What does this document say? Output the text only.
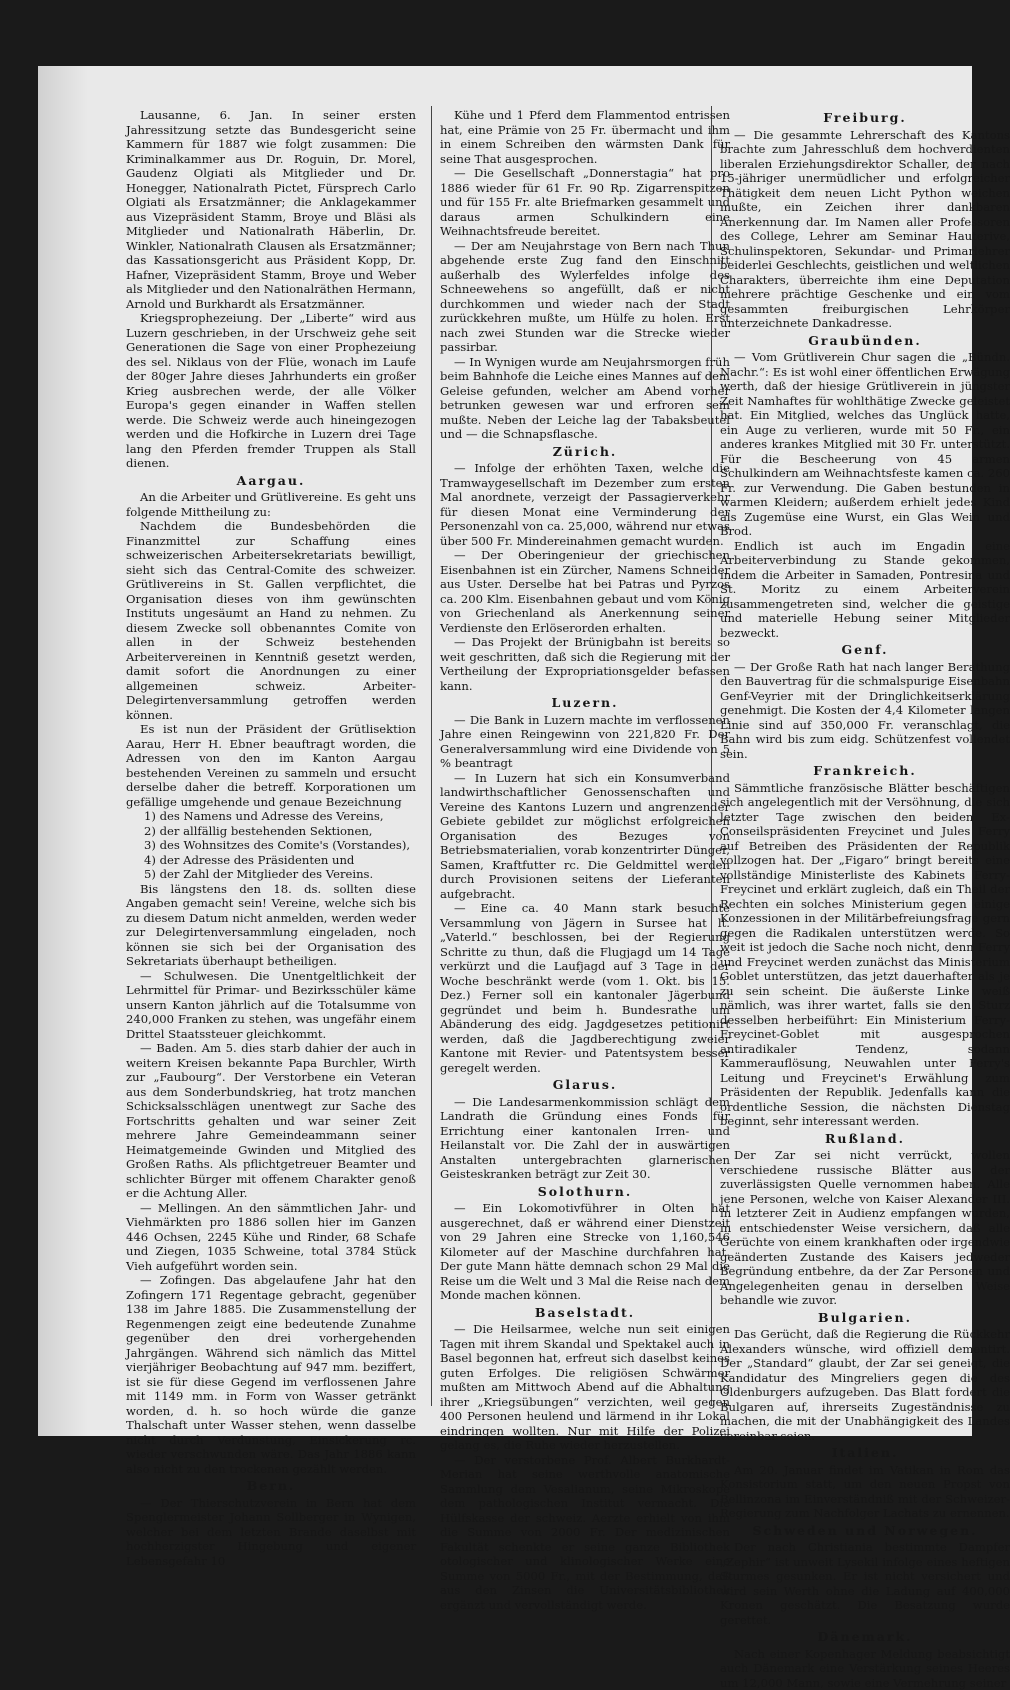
Lausanne, 6. Jan. In seiner ersten Jahressitzung setzte das Bundesgericht seine Kammern für 1887 wie folgt zusammen: Die Kriminalkammer aus Dr. Roguin, Dr. Morel, Gaudenz Olgiati als Mitglieder und Dr. Honegger, Nationalrath Pictet, Fürsprech Carlo Olgiati als Ersatzmänner; die Anklagekammer aus Vizepräsident Stamm, Broye und Bläsi als Mitglieder und Nationalrath Häberlin, Dr. Winkler, Nationalrath Clausen als Ersatzmänner; das Kassationsgericht aus Präsident Kopp, Dr. Hafner, Vizepräsident Stamm, Broye und Weber als Mitglieder und den Nationalräthen Hermann, Arnold und Burkhardt als Ersatzmänner.

Kriegsprophezeiung. Der „Liberte“ wird aus Luzern geschrieben, in der Urschweiz gehe seit Generationen die Sage von einer Prophezeiung des sel. Niklaus von der Flüe, wonach im Laufe der 80ger Jahre dieses Jahrhunderts ein großer Krieg ausbrechen werde, der alle Völker Europa's gegen einander in Waffen stellen werde. Die Schweiz werde auch hineingezogen werden und die Hofkirche in Luzern drei Tage lang den Pferden fremder Truppen als Stall dienen.

Aargau.

An die Arbeiter und Grütlivereine. Es geht uns folgende Mittheilung zu:

Nachdem die Bundesbehörden die Finanzmittel zur Schaffung eines schweizerischen Arbeitersekretariats bewilligt, sieht sich das Central-Comite des schweizer. Grütlivereins in St. Gallen verpflichtet, die Organisation dieses von ihm gewünschten Instituts ungesäumt an Hand zu nehmen. Zu diesem Zwecke soll obbenanntes Comite von allen in der Schweiz bestehenden Arbeitervereinen in Kenntniß gesetzt werden, damit sofort die Anordnungen zu einer allgemeinen schweiz. Arbeiter-Delegirtenversammlung getroffen werden können.

Es ist nun der Präsident der Grütlisektion Aarau, Herr H. Ebner beauftragt worden, die Adressen von den im Kanton Aargau bestehenden Vereinen zu sammeln und ersucht derselbe daher die betreff. Korporationen um gefällige umgehende und genaue Bezeichnung

1) des Namens und Adresse des Vereins,

2) der allfällig bestehenden Sektionen,

3) des Wohnsitzes des Comite's (Vorstandes),

4) der Adresse des Präsidenten und

5) der Zahl der Mitglieder des Vereins.

Bis längstens den 18. ds. sollten diese Angaben gemacht sein! Vereine, welche sich bis zu diesem Datum nicht anmelden, werden weder zur Delegirtenversammlung eingeladen, noch können sie sich bei der Organisation des Sekretariats überhaupt betheiligen.

— Schulwesen. Die Unentgeltlichkeit der Lehrmittel für Primar- und Bezirksschüler käme unsern Kanton jährlich auf die Totalsumme von 240,000 Franken zu stehen, was ungefähr einem Drittel Staatssteuer gleichkommt.

— Baden. Am 5. dies starb dahier der auch in weitern Kreisen bekannte Papa Burchler, Wirth zur „Faubourg“. Der Verstorbene ein Veteran aus dem Sonderbundskrieg, hat trotz manchen Schicksalsschlägen unentwegt zur Sache des Fortschritts gehalten und war seiner Zeit mehrere Jahre Gemeindeammann seiner Heimatgemeinde Gwinden und Mitglied des Großen Raths. Als pflichtgetreuer Beamter und schlichter Bürger mit offenem Charakter genoß er die Achtung Aller.

— Mellingen. An den sämmtlichen Jahr- und Viehmärkten pro 1886 sollen hier im Ganzen 446 Ochsen, 2245 Kühe und Rinder, 68 Schafe und Ziegen, 1035 Schweine, total 3784 Stück Vieh aufgeführt worden sein.

— Zofingen. Das abgelaufene Jahr hat den Zofingern 171 Regentage gebracht, gegenüber 138 im Jahre 1885. Die Zusammenstellung der Regenmengen zeigt eine bedeutende Zunahme gegenüber den drei vorhergehenden Jahrgängen. Während sich nämlich das Mittel vierjähriger Beobachtung auf 947 mm. beziffert, ist sie für diese Gegend im verflossenen Jahre mit 1149 mm. in Form von Wasser getränkt worden, d. h. so hoch würde die ganze Thalschaft unter Wasser stehen, wenn dasselbe nicht durch Verdunstung, Einsickerung rc. wieder verschwunden wäre. Das Jahr 1886 kann also nicht zu den trockenen gezählt werden.

Bern.

— Der Thierschutzverein in Bern hat dem Spenglermeister Johann Sollberger in Wynigen, welcher bei dem letzten Brande daselbst mit hochherzigster Hingebung und eigener Lebensgefahr 10

Kühe und 1 Pferd dem Flammentod entrissen hat, eine Prämie von 25 Fr. übermacht und ihm in einem Schreiben den wärmsten Dank für seine That ausgesprochen.

— Die Gesellschaft „Donnerstagia“ hat pro 1886 wieder für 61 Fr. 90 Rp. Zigarrenspitzen und für 155 Fr. alte Briefmarken gesammelt und daraus armen Schulkindern eine Weihnachtsfreude bereitet.

— Der am Neujahrstage von Bern nach Thun abgehende erste Zug fand den Einschnitt außerhalb des Wylerfeldes infolge des Schneewehens so angefüllt, daß er nicht durchkommen und wieder nach der Stadt zurückkehren mußte, um Hülfe zu holen. Erst nach zwei Stunden war die Strecke wieder passirbar.

— In Wynigen wurde am Neujahrsmorgen früh beim Bahnhofe die Leiche eines Mannes auf dem Geleise gefunden, welcher am Abend vorher betrunken gewesen war und erfroren sein mußte. Neben der Leiche lag der Tabaksbeutel und — die Schnapsflasche.

Zürich.

— Infolge der erhöhten Taxen, welche die Tramwaygesellschaft im Dezember zum ersten Mal anordnete, verzeigt der Passagierverkehr für diesen Monat eine Verminderung der Personenzahl von ca. 25,000, während nur etwas über 500 Fr. Mindereinahmen gemacht wurden.

— Der Oberingenieur der griechischen Eisenbahnen ist ein Zürcher, Namens Schneider aus Uster. Derselbe hat bei Patras und Pyrzos ca. 200 Klm. Eisenbahnen gebaut und vom König von Griechenland als Anerkennung seiner Verdienste den Erlöserorden erhalten.

— Das Projekt der Brünigbahn ist bereits so weit geschritten, daß sich die Regierung mit der Vertheilung der Expropriationsgelder befassen kann.

Luzern.

— Die Bank in Luzern machte im verflossenen Jahre einen Reingewinn von 221,820 Fr. Der Generalversammlung wird eine Dividende von 5 % beantragt

— In Luzern hat sich ein Konsumverband landwirthschaftlicher Genossenschaften und Vereine des Kantons Luzern und angrenzender Gebiete gebildet zur möglichst erfolgreichen Organisation des Bezuges von Betriebsmaterialien, vorab konzentrirter Dünger, Samen, Kraftfutter rc. Die Geldmittel werden durch Provisionen seitens der Lieferanten aufgebracht.

— Eine ca. 40 Mann stark besuchte Versammlung von Jägern in Sursee hat lt. „Vaterld.“ beschlossen, bei der Regierung Schritte zu thun, daß die Flugjagd um 14 Tage verkürzt und die Laufjagd auf 3 Tage in der Woche beschränkt werde (vom 1. Okt. bis 15. Dez.) Ferner soll ein kantonaler Jägerbund gegründet und beim h. Bundesrathe um Abänderung des eidg. Jagdgesetzes petitionirt werden, daß die Jagdberechtigung zweier Kantone mit Revier- und Patentsystem besser geregelt werden.

Glarus.

— Die Landesarmenkommission schlägt dem Landrath die Gründung eines Fonds für Errichtung einer kantonalen Irren- und Heilanstalt vor. Die Zahl der in auswärtigen Anstalten untergebrachten glarnerischen Geisteskranken beträgt zur Zeit 30.

Solothurn.

— Ein Lokomotivführer in Olten hat ausgerechnet, daß er während einer Dienstzeit von 29 Jahren eine Strecke von 1,160,546 Kilometer auf der Maschine durchfahren hat. Der gute Mann hätte demnach schon 29 Mal die Reise um die Welt und 3 Mal die Reise nach dem Monde machen können.

Baselstadt.

— Die Heilsarmee, welche nun seit einigen Tagen mit ihrem Skandal und Spektakel auch in Basel begonnen hat, erfreut sich daselbst keines guten Erfolges. Die religiösen Schwärmer mußten am Mittwoch Abend auf die Abhaltung ihrer „Kriegsübungen“ verzichten, weil gegen 400 Personen heulend und lärmend in ihr Lokal eindringen wollten. Nur mit Hilfe der Polizei gelang es, die Ruhe wieder herzustellen.

— Der verstorbene Prof. Albert Burkhardt-Merian hat seine werthvolle anatomische Sammlung dem Vesalianum, seine Mikroskope dem pathologischen Institut vermacht. Die Hülfskasse der schweiz. Aerzte erhielt von ihm die Summe von 2000 Fr. Der medizinischen Fakultät schenkte er seine ganze Bibliothek otologischer und klinologischer Werke eine Summe von 5000 Fr., mit der Bestimmung, daß aus den Zinsen die Universitätsbibliothek ergänzt und vervollständigt werde.

Freiburg.

— Die gesammte Lehrerschaft des Kantons brachte zum Jahresschluß dem hochverdienten liberalen Erziehungsdirektor Schaller, der nach 15-jähriger unermüdlicher und erfolgreicher Thätigkeit dem neuen Licht Python weichen mußte, ein Zeichen ihrer dankbaren Anerkennung dar. Im Namen aller Professoren des College, Lehrer am Seminar Hauterive, Schulinspektoren, Sekundar- und Primarlehrer beiderlei Geschlechts, geistlichen und weltlichen Charakters, überreichte ihm eine Deputation mehrere prächtige Geschenke und ein vom gesammten freiburgischen Lehrkörper unterzeichnete Dankadresse.

Graubünden.

— Vom Grütliverein Chur sagen die „Bündn. Nachr.“: Es ist wohl einer öffentlichen Erwägung werth, daß der hiesige Grütliverein in jüngster Zeit Namhaftes für wohlthätige Zwecke geleistet hat. Ein Mitglied, welches das Unglück hatte, ein Auge zu verlieren, wurde mit 50 Fr., ein anderes krankes Mitglied mit 30 Fr. unterstützt. Für die Bescheerung von 45 armen Schulkindern am Weihnachtsfeste kamen ca. 260 Fr. zur Verwendung. Die Gaben bestunden in warmen Kleidern; außerdem erhielt jedes Kind als Zugemüse eine Wurst, ein Glas Wein und Brod.

Endlich ist auch im Engadin eine Arbeiterverbindung zu Stande gekommen, indem die Arbeiter in Samaden, Pontresina und St. Moritz zu einem Arbeiterverein zusammengetreten sind, welcher die geistige und materielle Hebung seiner Mitglieder bezweckt.

Genf.

— Der Große Rath hat nach langer Berathung den Bauvertrag für die schmalspurige Eisenbahn Genf-Veyrier mit der Dringlichkeitserklärung genehmigt. Die Kosten der 4,4 Kilometer langen Linie sind auf 350,000 Fr. veranschlagt, die Bahn wird bis zum eidg. Schützenfest vollendet sein.

Frankreich.

Sämmtliche französische Blätter beschäftigen sich angelegentlich mit der Versöhnung, die sich letzter Tage zwischen den beiden Ex-Conseilspräsidenten Freycinet und Jules Ferry auf Betreiben des Präsidenten der Republik vollzogen hat. Der „Figaro“ bringt bereits eine vollständige Ministerliste des Kabinets Ferry-Freycinet und erklärt zugleich, daß ein Theil der Rechten ein solches Ministerium gegen einige Konzessionen in der Militärbefreiungsfrage gern gegen die Radikalen unterstützen werde. So weit ist jedoch die Sache noch nicht, denn Ferry und Freycinet werden zunächst das Ministerium Goblet unterstützen, das jetzt dauerhafter als je zu sein scheint. Die äußerste Linke weiß nämlich, was ihrer wartet, falls sie den Sturz desselben herbeiführt: Ein Ministerium Ferry-Freycinet-Goblet mit ausgesprochen antiradikaler Tendenz, sodann Kammerauflösung, Neuwahlen unter Ferry's Leitung und Freycinet's Erwählung zum Präsidenten der Republik. Jedenfalls kann die ordentliche Session, die nächsten Dienstag beginnt, sehr interessant werden.

Rußland.

Der Zar sei nicht verrückt, wollen verschiedene russische Blätter aus der zuverlässigsten Quelle vernommen haben. Alle jene Personen, welche von Kaiser Alexander III. in letzterer Zeit in Audienz empfangen wurden, in entschiedenster Weise versichern, daß alle Gerüchte von einem krankhaften oder irgendwie geänderten Zustande des Kaisers jedweder Begründung entbehre, da der Zar Personen und Angelegenheiten genau in derselben Weise behandle wie zuvor.

Bulgarien.

Das Gerücht, daß die Regierung die Rückkehr Alexanders wünsche, wird offiziell dementirt. Der „Standard“ glaubt, der Zar sei geneigt, die Kandidatur des Mingreliers gegen die des Oldenburgers aufzugeben. Das Blatt fordert die Bulgaren auf, ihrerseits Zugeständnisse zu machen, die mit der Unabhängigkeit des Landes vereinbar seien.

Italien.

Am 20. Januar findet im Vatikan in Rom das Konsistorium statt, um den neuen Propst von Bellinzona im Einverständniß mit der Schweizer-Regierung zum Nachfolger Lachats zu ernennen.

Schweden und Norwegen.

Der nach Christiania bestimmte Dampfer „Zephir“ ist unweit Lysekil infolge eines heftigen Sturmes gesunken. Er ist nicht versichert und wird sein Werth ohne die Ladung auf 400,000 Kronen geschätzt. Die Besatzung wurde gerettet.

Dänemark.

Nach einer Kopenhager Meldung beabsichtigt auch Dänemark eine Verstärkung seines Heeres um 12,000 Mann, sowie eine Vermehrung seiner
